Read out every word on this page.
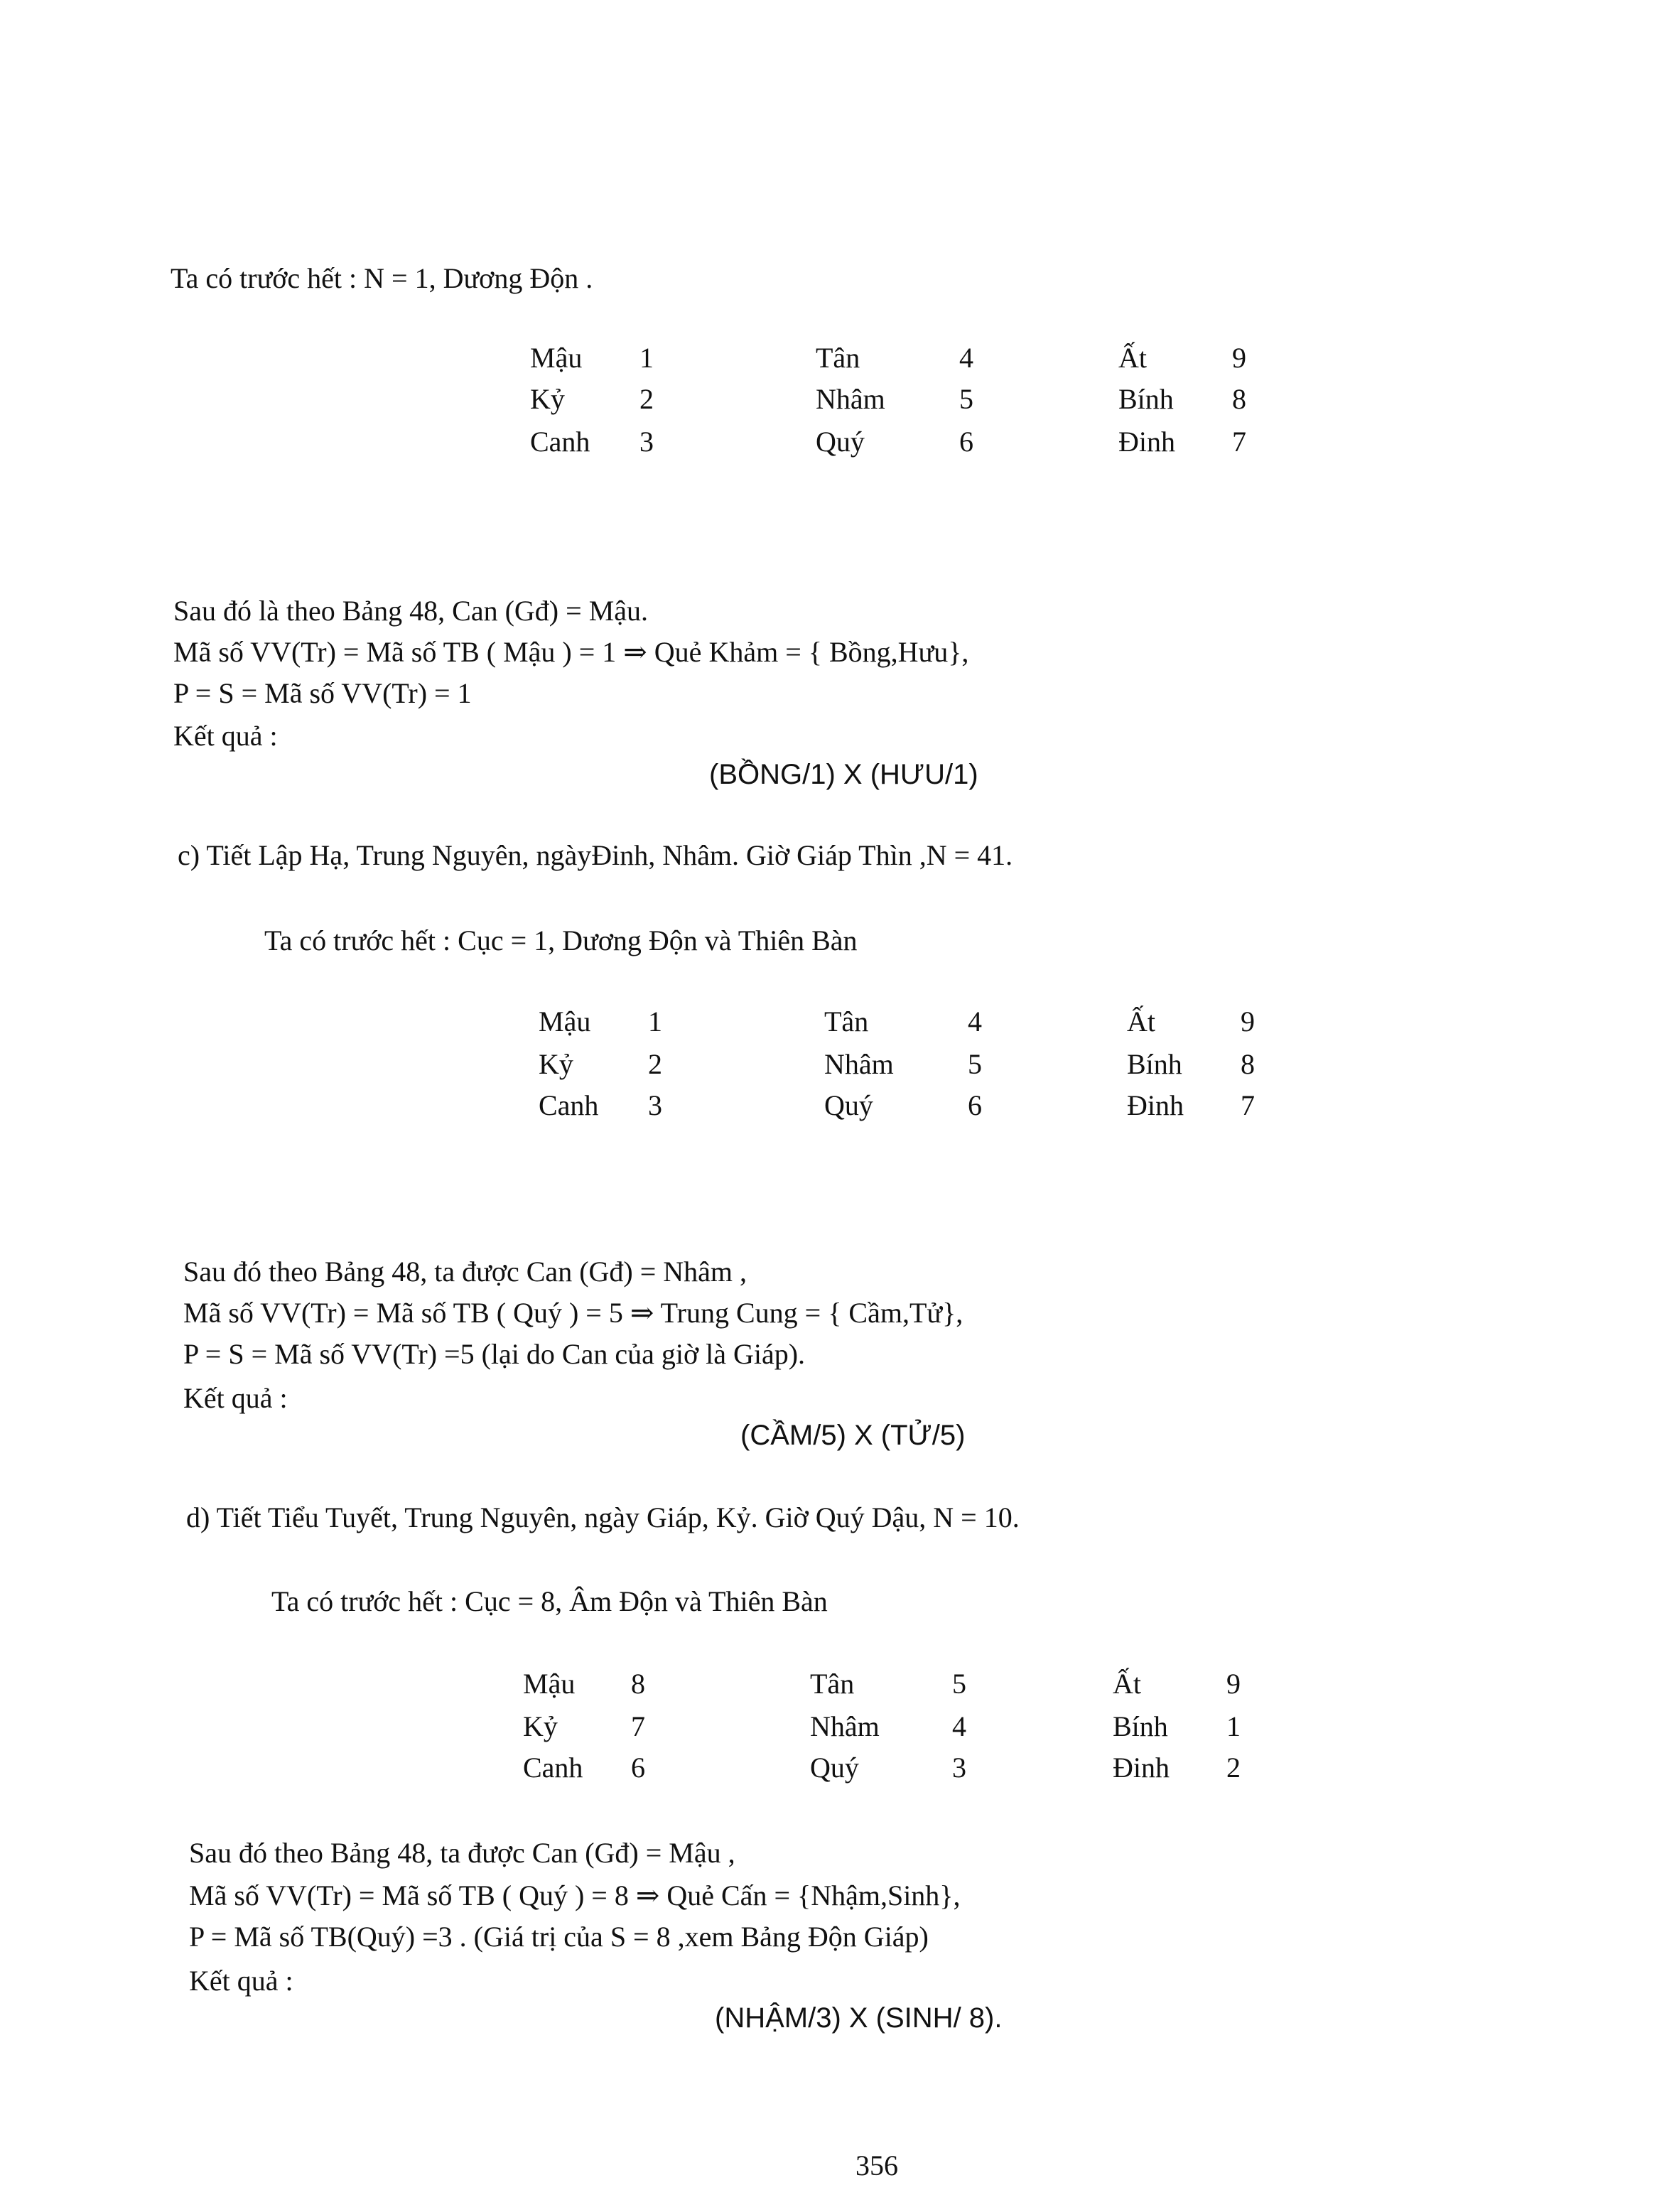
Ta có trước hết : N = 1, Dương Độn .
Mậu 1	Tân	4	Ất	9
Kỷ	2	Nhâm	5	Bính 8
Canh 3	Quý	6	Đinh 7
Sau đó là theo Bảng 48, Can (Gđ) = Mậu.
Mã số VV(Tr) = Mã số TB ( Mậu ) = 1 ⇒ Quẻ Khảm = { Bồng,Hưu},
P = S = Mã số VV(Tr) = 1
Kết quả :
(BỒNG/1) X (HƯU/1)
c) Tiết Lập Hạ, Trung Nguyên, ngàyĐinh, Nhâm. Giờ Giáp Thìn ,N = 41.
Ta có trước hết : Cục = 1, Dương Độn và Thiên Bàn
Mậu 1	Tân	4	Ất	9
Kỷ	2	Nhâm	5	Bính 8
Canh 3	Quý	6	Đinh 7
Sau đó theo Bảng 48, ta được Can (Gđ) = Nhâm ,
Mã số VV(Tr) = Mã số TB ( Quý ) = 5 ⇒ Trung Cung = { Cầm,Tử},
P = S = Mã số VV(Tr) =5 (lại do Can của giờ là Giáp).
Kết quả :
(CẦM/5) X (TỬ/5)
d) Tiết Tiểu Tuyết, Trung Nguyên, ngày Giáp, Kỷ. Giờ Quý Dậu, N = 10.
Ta có trước hết : Cục = 8, Âm Độn và Thiên Bàn
Mậu 8	Tân	5	Ất	9
Kỷ	7	Nhâm	4	Bính 1
Canh 6	Quý	3	Đinh 2
Sau đó theo Bảng 48, ta được Can (Gđ) = Mậu ,
Mã số VV(Tr) = Mã số TB ( Quý ) = 8 ⇒ Quẻ Cấn = {Nhậm,Sinh},
P = Mã số TB(Quý) =3 . (Giá trị của S = 8 ,xem Bảng Độn Giáp)
Kết quả :
(NHẬM/3) X (SINH/ 8).
356
